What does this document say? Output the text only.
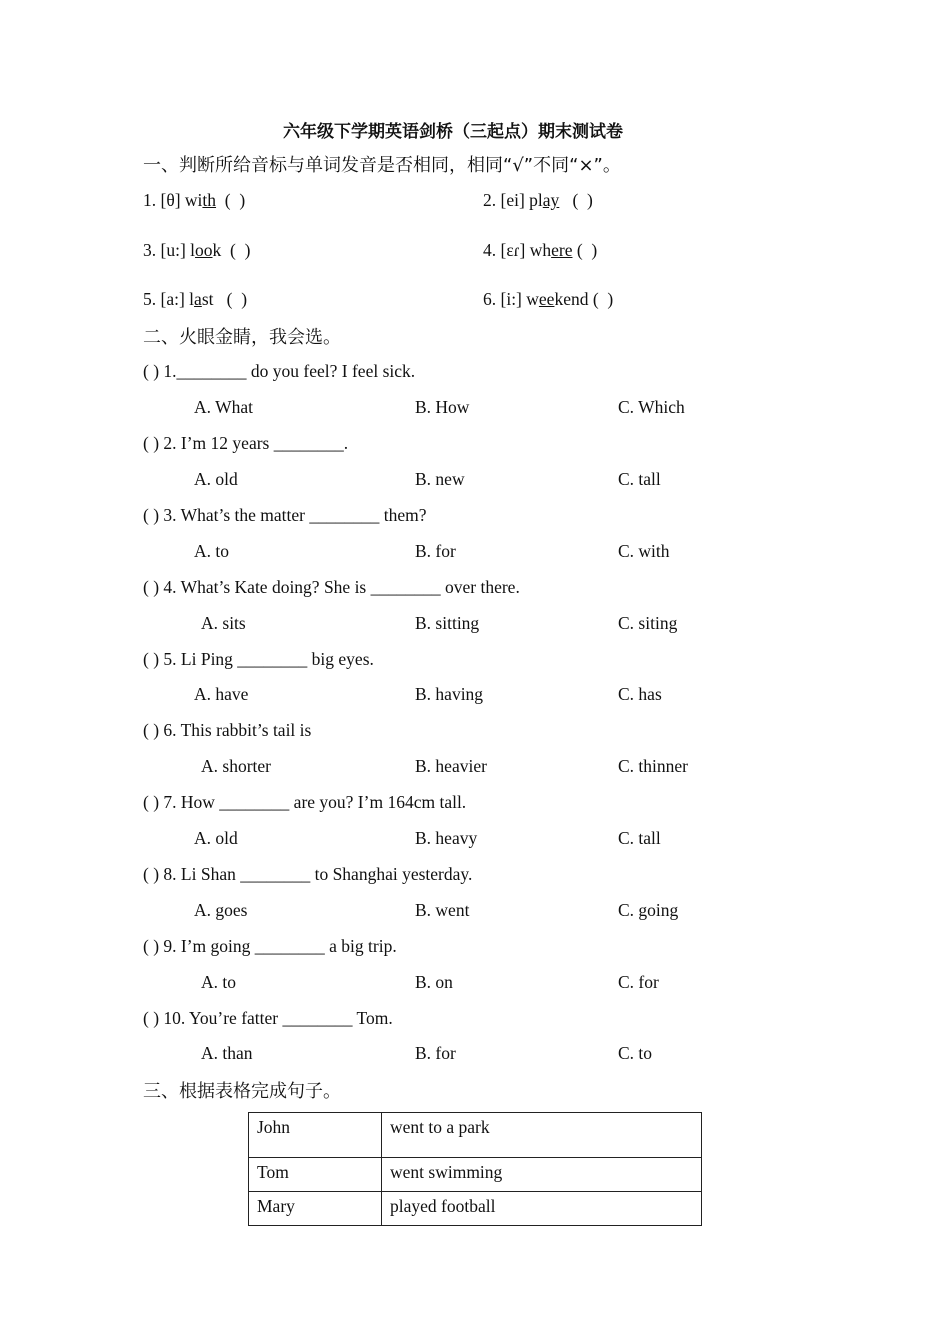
六年级下学期英语剑桥（三起点）期末测试卷
一、判断所给音标与单词发音是否相同，相同“√”不同“×”。
1. [θ] with  (  )	2. [ei] play   (  )
3. [u:] look  (  )	4. [ɛɾ] where (  )
5. [a:] last   (  )	6. [i:] weekend (  )
二、火眼金睛，我会选。
( ) 1.________ do you feel? I feel sick.
A. What	B. How	C. Which
( ) 2. I’m 12 years ________.
A. old	B. new	C. tall
( ) 3. What’s the matter ________ them?
A. to	B. for	C. with
( ) 4. What’s Kate doing? She is ________ over there.
A. sits	B. sitting	C. siting
( ) 5. Li Ping ________ big eyes.
A. have	B. having	C. has
( ) 6. This rabbit’s tail is
A. shorter	B. heavier	C. thinner
( ) 7. How ________ are you? I’m 164cm tall.
A. old	B. heavy	C. tall
( ) 8. Li Shan ________ to Shanghai yesterday.
A. goes	B. went	C. going
( ) 9. I’m going ________ a big trip.
A. to	B. on	C. for
( ) 10. You’re fatter ________ Tom.
A. than	B. for	C. to
三、根据表格完成句子。
John	went to a park
Tom	went swimming
Mary	played football
